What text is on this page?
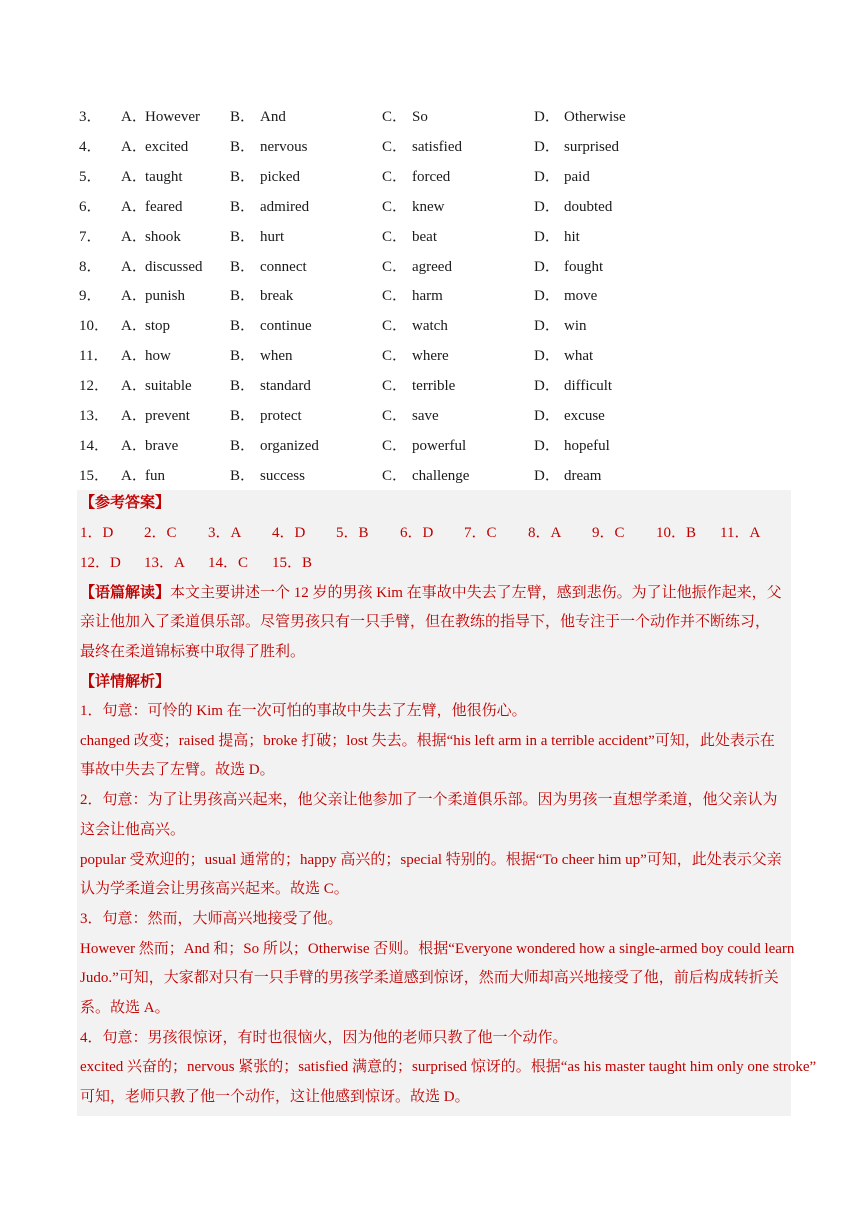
3．	A．However	B． And	C． So	D． Otherwise
4．	A．excited	B． nervous	C． satisfied	D． surprised
5．	A．taught	B． picked	C． forced	D． paid
6．	A．feared	B． admired	C． knew	D． doubted
7．	A．shook	B． hurt	C． beat	D． hit
8．	A．discussed	B． connect	C． agreed	D． fought
9．	A．punish	B． break	C． harm	D． move
10． A．stop	B． continue	C． watch	D． win
11． A．how	B． when	C． where	D． what
12． A．suitable	B． standard	C． terrible	D． difficult
13． A．prevent	B． protect	C． save	D． excuse
14． A．brave	B． organized	C． powerful	D． hopeful
15． A．fun	B． success	C． challenge	D． dream
【参考答案】
1．D 2．C 3．A 4．D 5．B 6．D 7．C 8．A 9．C 10．B 11．A
12．D 13．A 14．C 15．B
【语篇解读】本文主要讲述一个 12 岁的男孩 Kim 在事故中失去了左臂，感到悲伤。为了让他振作起来，父
亲让他加入了柔道俱乐部。尽管男孩只有一只手臂，但在教练的指导下，他专注于一个动作并不断练习，
最终在柔道锦标赛中取得了胜利。
【详情解析】
1．句意：可怜的 Kim 在一次可怕的事故中失去了左臂，他很伤心。
changed 改变；raised 提高；broke 打破；lost 失去。根据“his left arm in a terrible accident”可知，此处表示在
事故中失去了左臂。故选 D。
2．句意：为了让男孩高兴起来，他父亲让他参加了一个柔道俱乐部。因为男孩一直想学柔道，他父亲认为
这会让他高兴。
popular 受欢迎的；usual 通常的；happy 高兴的；special 特别的。根据“To cheer him up”可知，此处表示父亲
认为学柔道会让男孩高兴起来。故选 C。
3．句意：然而，大师高兴地接受了他。
However 然而；And 和；So 所以；Otherwise 否则。根据“Everyone wondered how a single-armed boy could learn
Judo.”可知，大家都对只有一只手臂的男孩学柔道感到惊讶，然而大师却高兴地接受了他，前后构成转折关
系。故选 A。
4．句意：男孩很惊讶，有时也很恼火，因为他的老师只教了他一个动作。
excited 兴奋的；nervous 紧张的；satisfied 满意的；surprised 惊讶的。根据“as his master taught him only one stroke”
可知，老师只教了他一个动作，这让他感到惊讶。故选 D。
